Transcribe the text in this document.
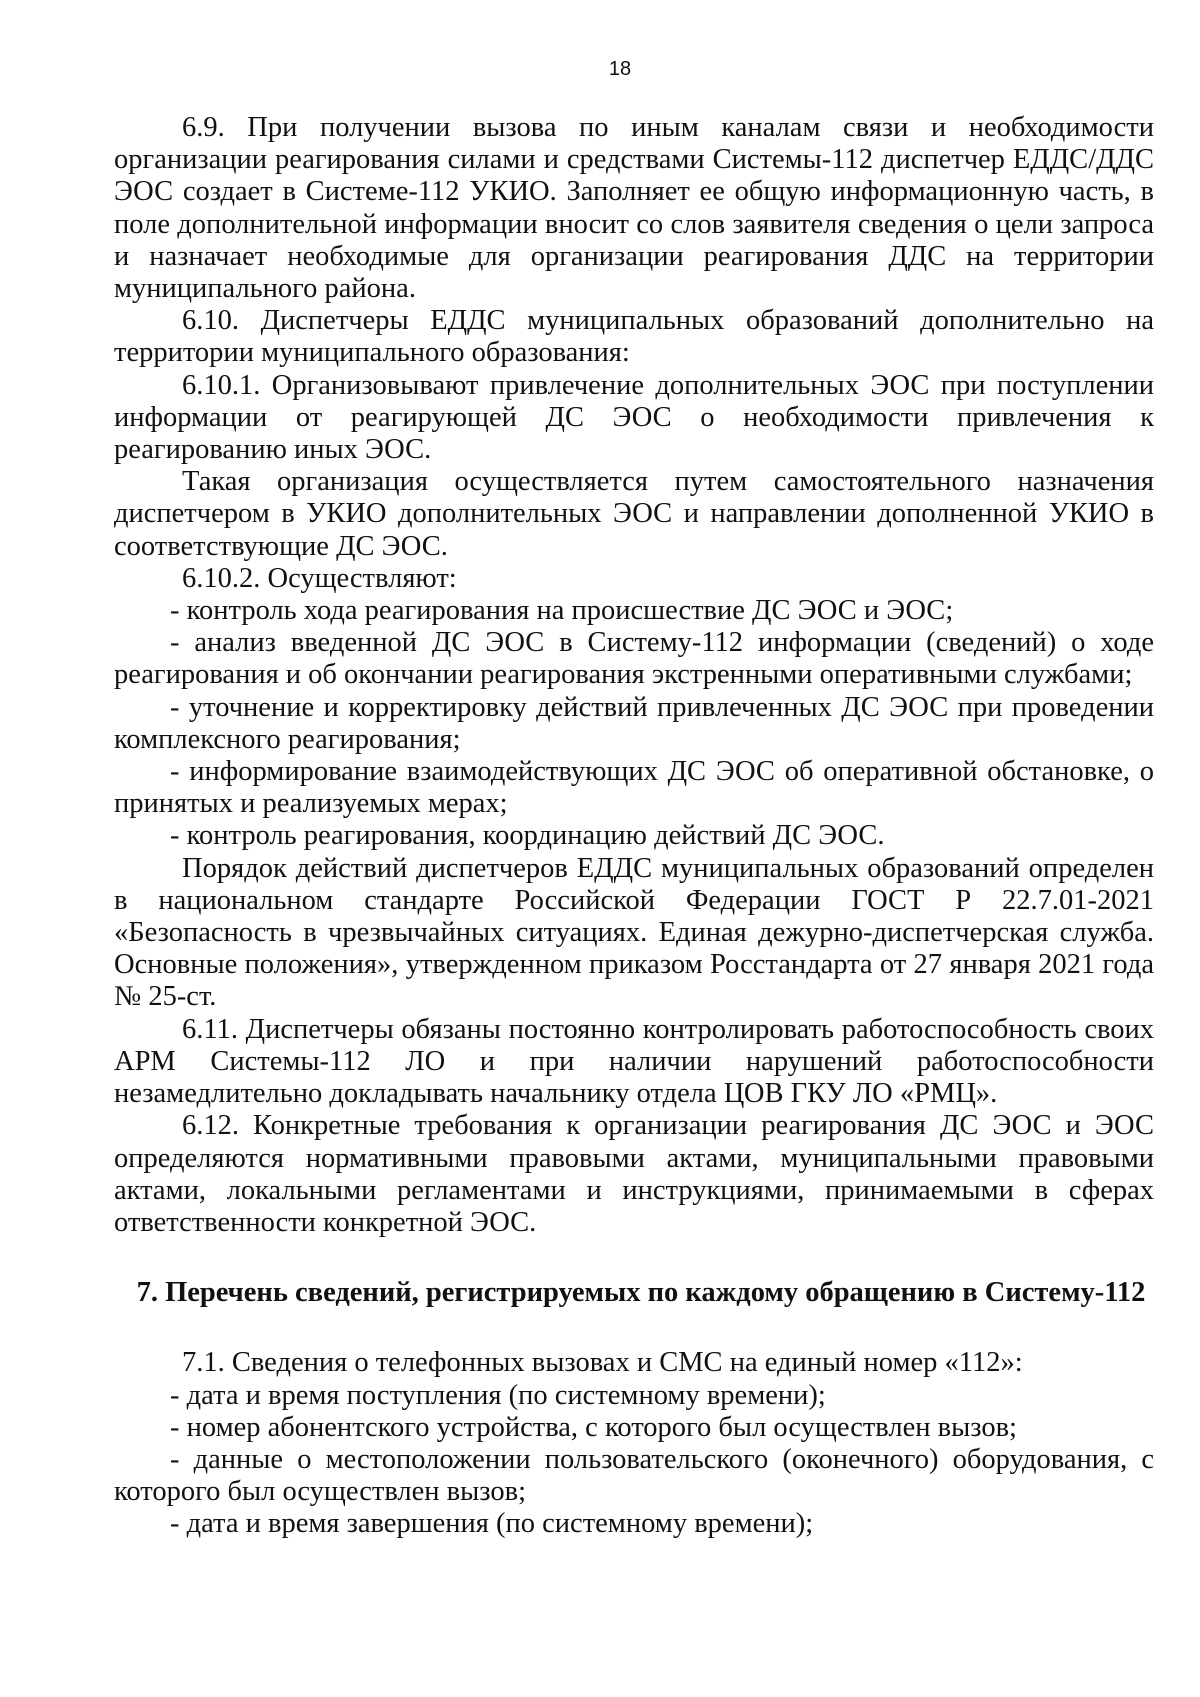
18

6.9. При получении вызова по иным каналам связи и необходимости организации реагирования силами и средствами Системы-112 диспетчер ЕДДС/ДДС ЭОС создает в Системе-112 УКИО. Заполняет ее общую информационную часть, в поле дополнительной информации вносит со слов заявителя сведения о цели запроса и назначает необходимые для организации реагирования ДДС на территории муниципального района.

6.10. Диспетчеры ЕДДС муниципальных образований дополнительно на территории муниципального образования:

6.10.1. Организовывают привлечение дополнительных ЭОС при поступлении информации от реагирующей ДС ЭОС о необходимости привлечения к реагированию иных ЭОС.

Такая организация осуществляется путем самостоятельного назначения диспетчером в УКИО дополнительных ЭОС и направлении дополненной УКИО в соответствующие ДС ЭОС.

6.10.2. Осуществляют:

- контроль хода реагирования на происшествие ДС ЭОС и ЭОС;

- анализ введенной ДС ЭОС в Систему-112 информации (сведений) о ходе реагирования и об окончании реагирования экстренными оперативными службами;

- уточнение и корректировку действий привлеченных ДС ЭОС при проведении комплексного реагирования;

- информирование взаимодействующих ДС ЭОС об оперативной обстановке, о принятых и реализуемых мерах;

- контроль реагирования, координацию действий ДС ЭОС.

Порядок действий диспетчеров ЕДДС муниципальных образований определен в национальном стандарте Российской Федерации ГОСТ Р 22.7.01-2021 «Безопасность в чрезвычайных ситуациях. Единая дежурно-диспетчерская служба. Основные положения», утвержденном приказом Росстандарта от 27 января 2021 года № 25-ст.

6.11. Диспетчеры обязаны постоянно контролировать работоспособность своих АРМ Системы-112 ЛО и при наличии нарушений работоспособности незамедлительно докладывать начальнику отдела ЦОВ ГКУ ЛО «РМЦ».

6.12. Конкретные требования к организации реагирования ДС ЭОС и ЭОС определяются нормативными правовыми актами, муниципальными правовыми актами, локальными регламентами и инструкциями, принимаемыми в сферах ответственности конкретной ЭОС.

7. Перечень сведений, регистрируемых по каждому обращению в Систему-112

7.1. Сведения о телефонных вызовах и СМС на единый номер «112»:

- дата и время поступления (по системному времени);

- номер абонентского устройства, с которого был осуществлен вызов;

- данные о местоположении пользовательского (оконечного) оборудования, с которого был осуществлен вызов;

- дата и время завершения (по системному времени);
